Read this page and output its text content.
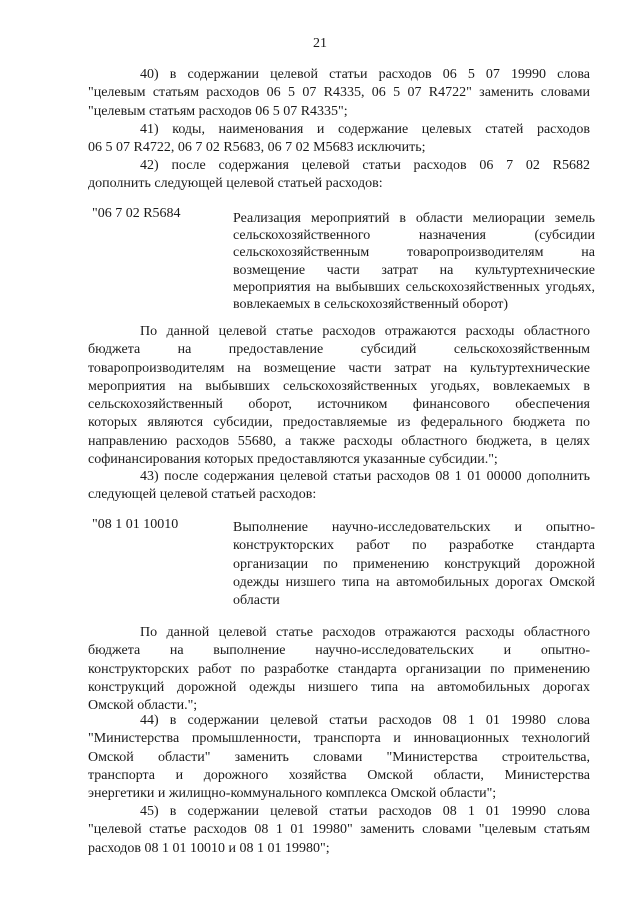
21

40) в содержании целевой статьи расходов 06 5 07 19990 слова

"целевым статьям расходов 06 5 07 R4335, 06 5 07 R4722" заменить словами

"целевым статьям расходов 06 5 07 R4335";

41) коды, наименования и содержание целевых статей расходов

06 5 07 R4722, 06 7 02 R5683, 06 7 02 M5683 исключить;

42) после содержания целевой статьи расходов 06 7 02 R5682

дополнить следующей целевой статьей расходов:

"06 7 02 R5684	Реализация мероприятий в области мелиорации земель

сельскохозяйственного назначения (субсидии

сельскохозяйственным товаропроизводителям на

возмещение части затрат на культуртехнические

мероприятия на выбывших сельскохозяйственных угодьях,

вовлекаемых в сельскохозяйственный оборот)

По данной целевой статье расходов отражаются расходы областного

бюджета на предоставление субсидий сельскохозяйственным

товаропроизводителям на возмещение части затрат на культуртехнические

мероприятия на выбывших сельскохозяйственных угодьях, вовлекаемых в

сельскохозяйственный оборот, источником финансового обеспечения

которых являются субсидии, предоставляемые из федерального бюджета по

направлению расходов 55680, а также расходы областного бюджета, в целях

софинансирования которых предоставляются указанные субсидии.";

43) после содержания целевой статьи расходов 08 1 01 00000 дополнить

следующей целевой статьей расходов:

"08 1 01 10010	Выполнение научно-исследовательских и опытно-

конструкторских работ по разработке стандарта

организации по применению конструкций дорожной

одежды низшего типа на автомобильных дорогах Омской

области

По данной целевой статье расходов отражаются расходы областного

бюджета на выполнение научно-исследовательских и опытно-

конструкторских работ по разработке стандарта организации по применению

конструкций дорожной одежды низшего типа на автомобильных дорогах

Омской области.";

44) в содержании целевой статьи расходов 08 1 01 19980 слова

"Министерства промышленности, транспорта и инновационных технологий

Омской области" заменить словами "Министерства строительства,

транспорта и дорожного хозяйства Омской области, Министерства

энергетики и жилищно-коммунального комплекса Омской области";

45) в содержании целевой статьи расходов 08 1 01 19990 слова

"целевой статье расходов 08 1 01 19980" заменить словами "целевым статьям

расходов 08 1 01 10010 и 08 1 01 19980";
